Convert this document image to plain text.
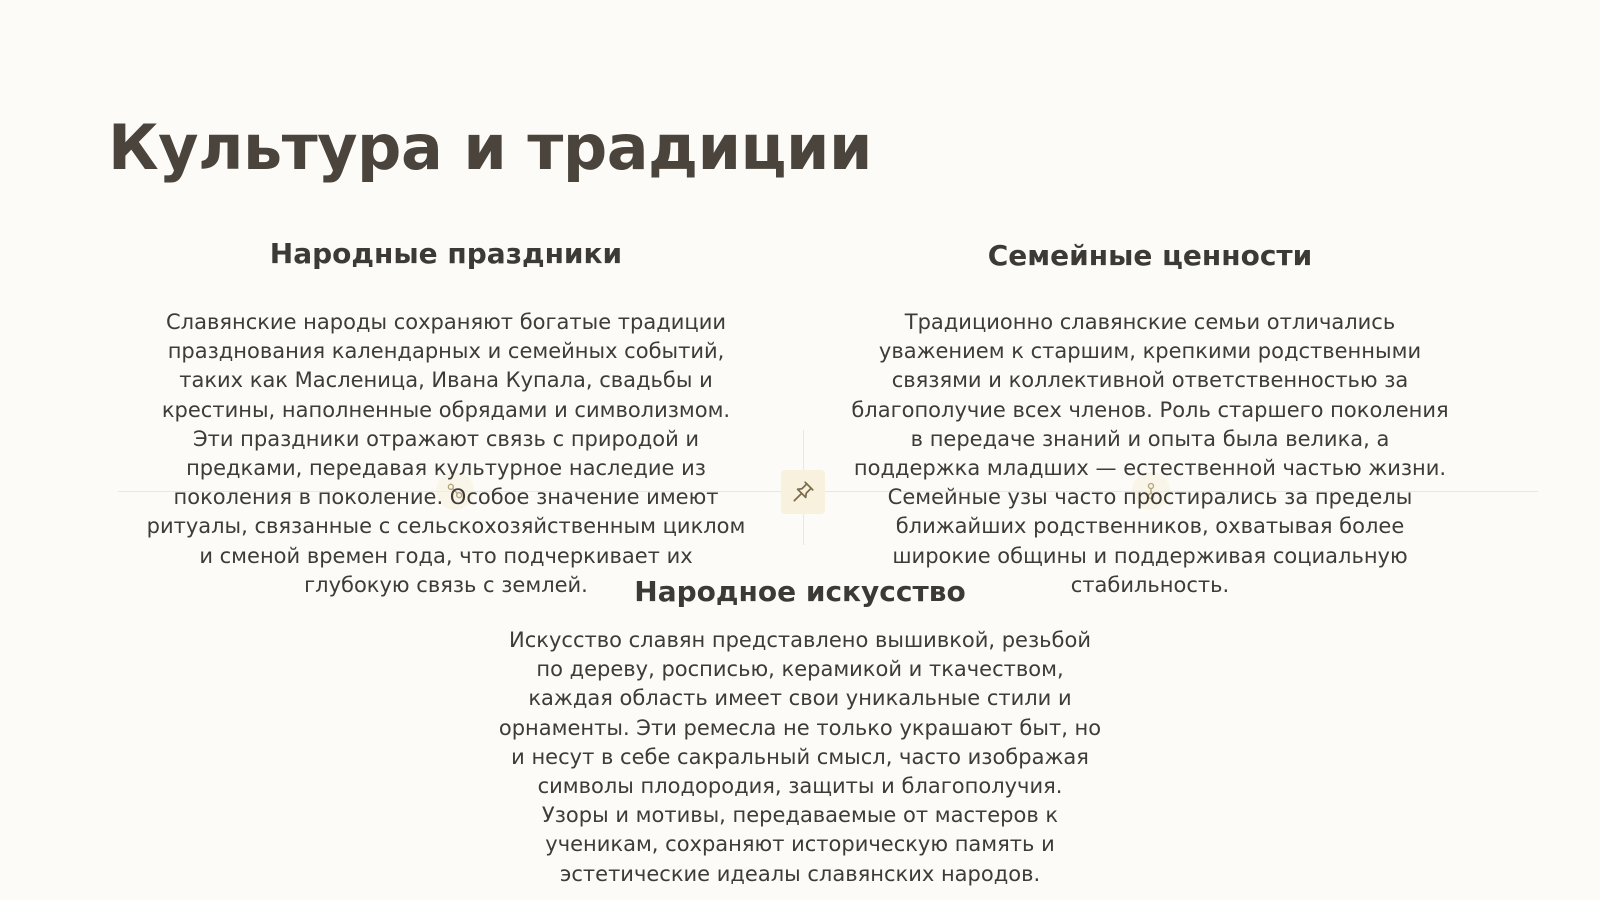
Культура и традиции
Народные праздники

Славянские народы сохраняют богатые традиции
празднования календарных и семейных событий,
таких как Масленица, Ивана Купала, свадьбы и
крестины, наполненные обрядами и символизмом.
Эти праздники отражают связь с природой и
предками, передавая культурное наследие из
поколения в поколение. Особое значение имеют
ритуалы, связанные с сельскохозяйственным циклом
и сменой времен года, что подчеркивает их
глубокую связь с землей.

Семейные ценности

Традиционно славянские семьи отличались
уважением к старшим, крепкими родственными
связями и коллективной ответственностью за
благополучие всех членов. Роль старшего поколения
в передаче знаний и опыта была велика, а
поддержка младших — естественной частью жизни.
Семейные узы часто простирались за пределы
ближайших родственников, охватывая более
широкие общины и поддерживая социальную
стабильность.

Народное искусство

Искусство славян представлено вышивкой, резьбой
по дереву, росписью, керамикой и ткачеством,
каждая область имеет свои уникальные стили и
орнаменты. Эти ремесла не только украшают быт, но
и несут в себе сакральный смысл, часто изображая
символы плодородия, защиты и благополучия.
Узоры и мотивы, передаваемые от мастеров к
ученикам, сохраняют историческую память и
эстетические идеалы славянских народов.
